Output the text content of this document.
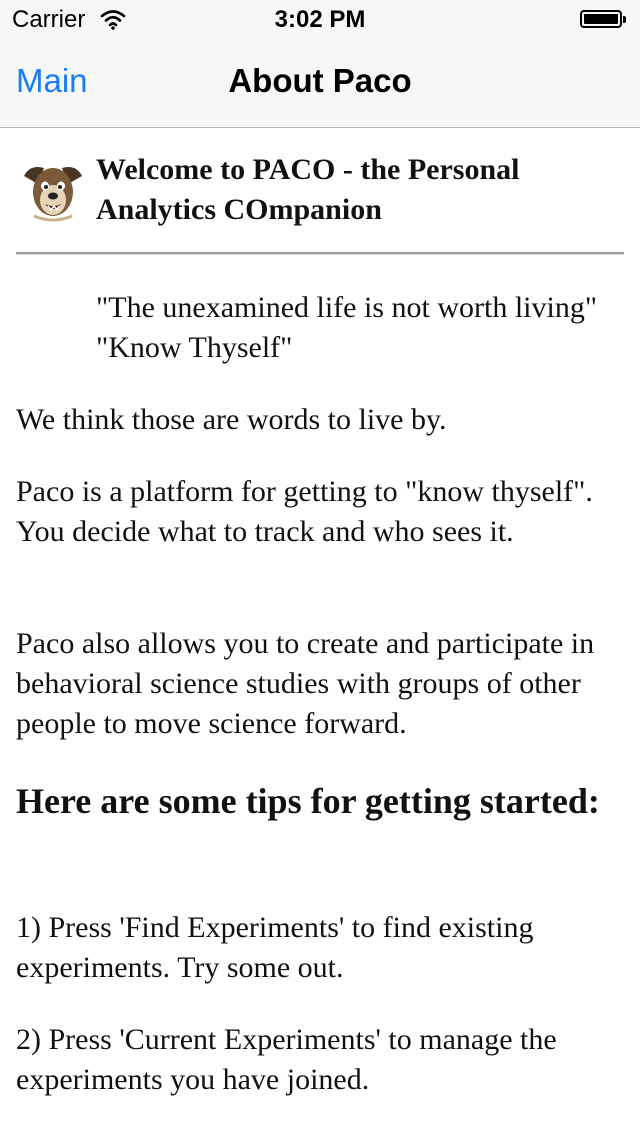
Carrier	3:02 PM
Main	About Paco
Welcome to PACO - the Personal Analytics COmpanion
"The unexamined life is not worth living" "Know Thyself"
We think those are words to live by.
Paco is a platform for getting to "know thyself". You decide what to track and who sees it.
Paco also allows you to create and participate in behavioral science studies with groups of other people to move science forward.
Here are some tips for getting started:
1) Press 'Find Experiments' to find existing experiments. Try some out.
2) Press 'Current Experiments' to manage the experiments you have joined.
